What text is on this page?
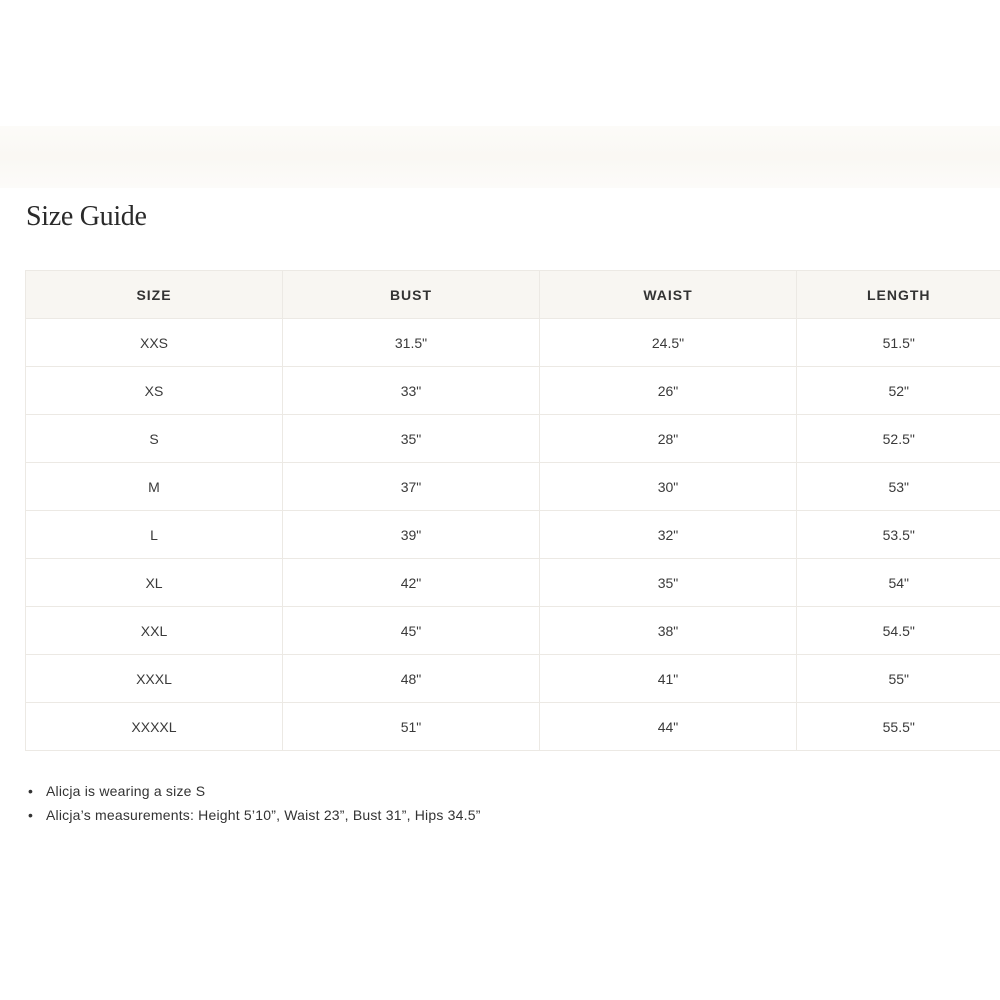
Size Guide
SIZE	BUST	WAIST	LENGTH
XXS	31.5"	24.5"	51.5"
XS	33"	26"	52"
S	35"	28"	52.5"
M	37"	30"	53"
L	39"	32"	53.5"
XL	42"	35"	54"
XXL	45"	38"	54.5"
XXXL	48"	41"	55"
XXXXL	51"	44"	55.5"
• Alicja is wearing a size S
• Alicja’s measurements: Height 5’10”, Waist 23”, Bust 31”, Hips 34.5”
